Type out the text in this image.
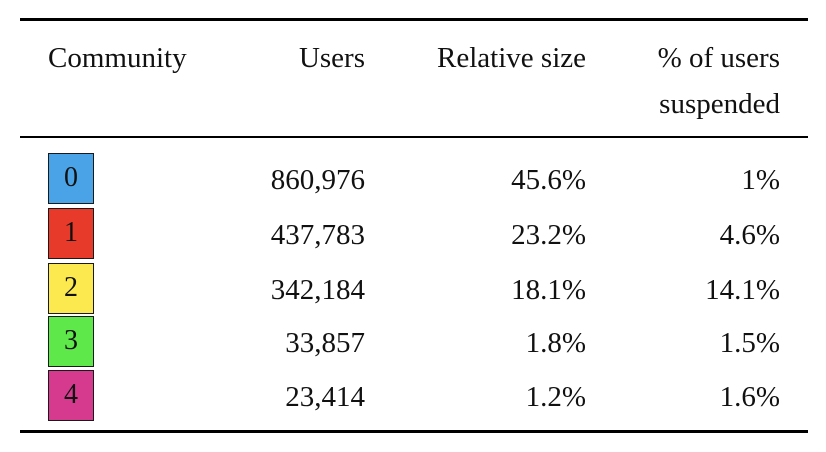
Community	Users	Relative size	% of users
suspended
0	860,976	45.6%	1%
1	437,783	23.2%	4.6%
2	342,184	18.1%	14.1%
3	33,857	1.8%	1.5%
4	23,414	1.2%	1.6%
